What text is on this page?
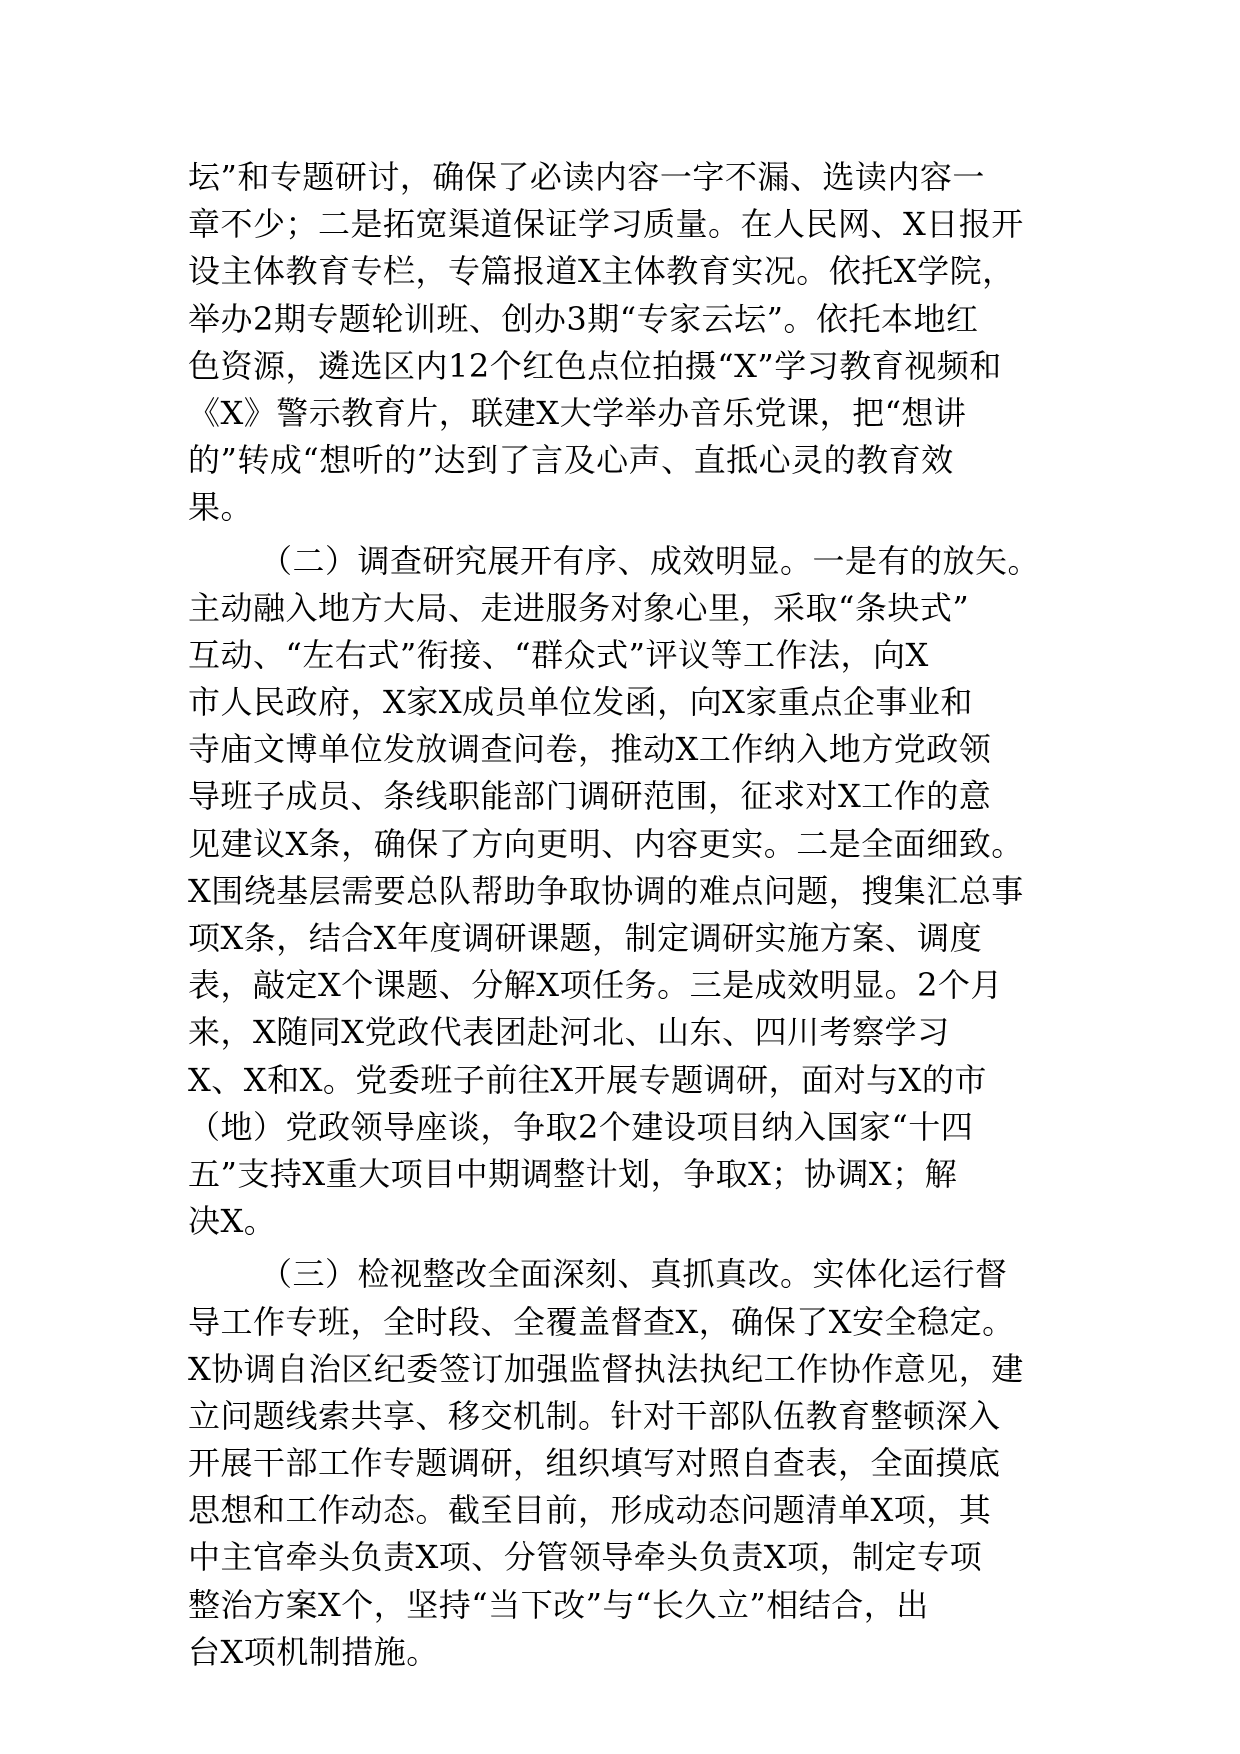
坛”和专题研讨，确保了必读内容一字不漏、选读内容一
章不少；二是拓宽渠道保证学习质量。在人民网、X日报开
设主体教育专栏，专篇报道X主体教育实况。依托X学院，
举办2期专题轮训班、创办3期“专家云坛”。依托本地红
色资源，遴选区内12个红色点位拍摄“X”学习教育视频和
《X》警示教育片，联建X大学举办音乐党课，把“想讲
的”转成“想听的”达到了言及心声、直抵心灵的教育效
果。
（二）调查研究展开有序、成效明显。一是有的放矢。
主动融入地方大局、走进服务对象心里，采取“条块式”
互动、“左右式”衔接、“群众式”评议等工作法，向X
市人民政府，X家X成员单位发函，向X家重点企事业和
寺庙文博单位发放调查问卷，推动X工作纳入地方党政领
导班子成员、条线职能部门调研范围，征求对X工作的意
见建议X条，确保了方向更明、内容更实。二是全面细致。
X围绕基层需要总队帮助争取协调的难点问题，搜集汇总事
项X条，结合X年度调研课题，制定调研实施方案、调度
表，敲定X个课题、分解X项任务。三是成效明显。2个月
来，X随同X党政代表团赴河北、山东、四川考察学习
X、X和X。党委班子前往X开展专题调研，面对与X的市
（地）党政领导座谈，争取2个建设项目纳入国家“十四
五”支持X重大项目中期调整计划，争取X；协调X；解
决X。
（三）检视整改全面深刻、真抓真改。实体化运行督
导工作专班，全时段、全覆盖督查X，确保了X安全稳定。
X协调自治区纪委签订加强监督执法执纪工作协作意见，建
立问题线索共享、移交机制。针对干部队伍教育整顿深入
开展干部工作专题调研，组织填写对照自查表，全面摸底
思想和工作动态。截至目前，形成动态问题清单X项，其
中主官牵头负责X项、分管领导牵头负责X项，制定专项
整治方案X个，坚持“当下改”与“长久立”相结合，出
台X项机制措施。
